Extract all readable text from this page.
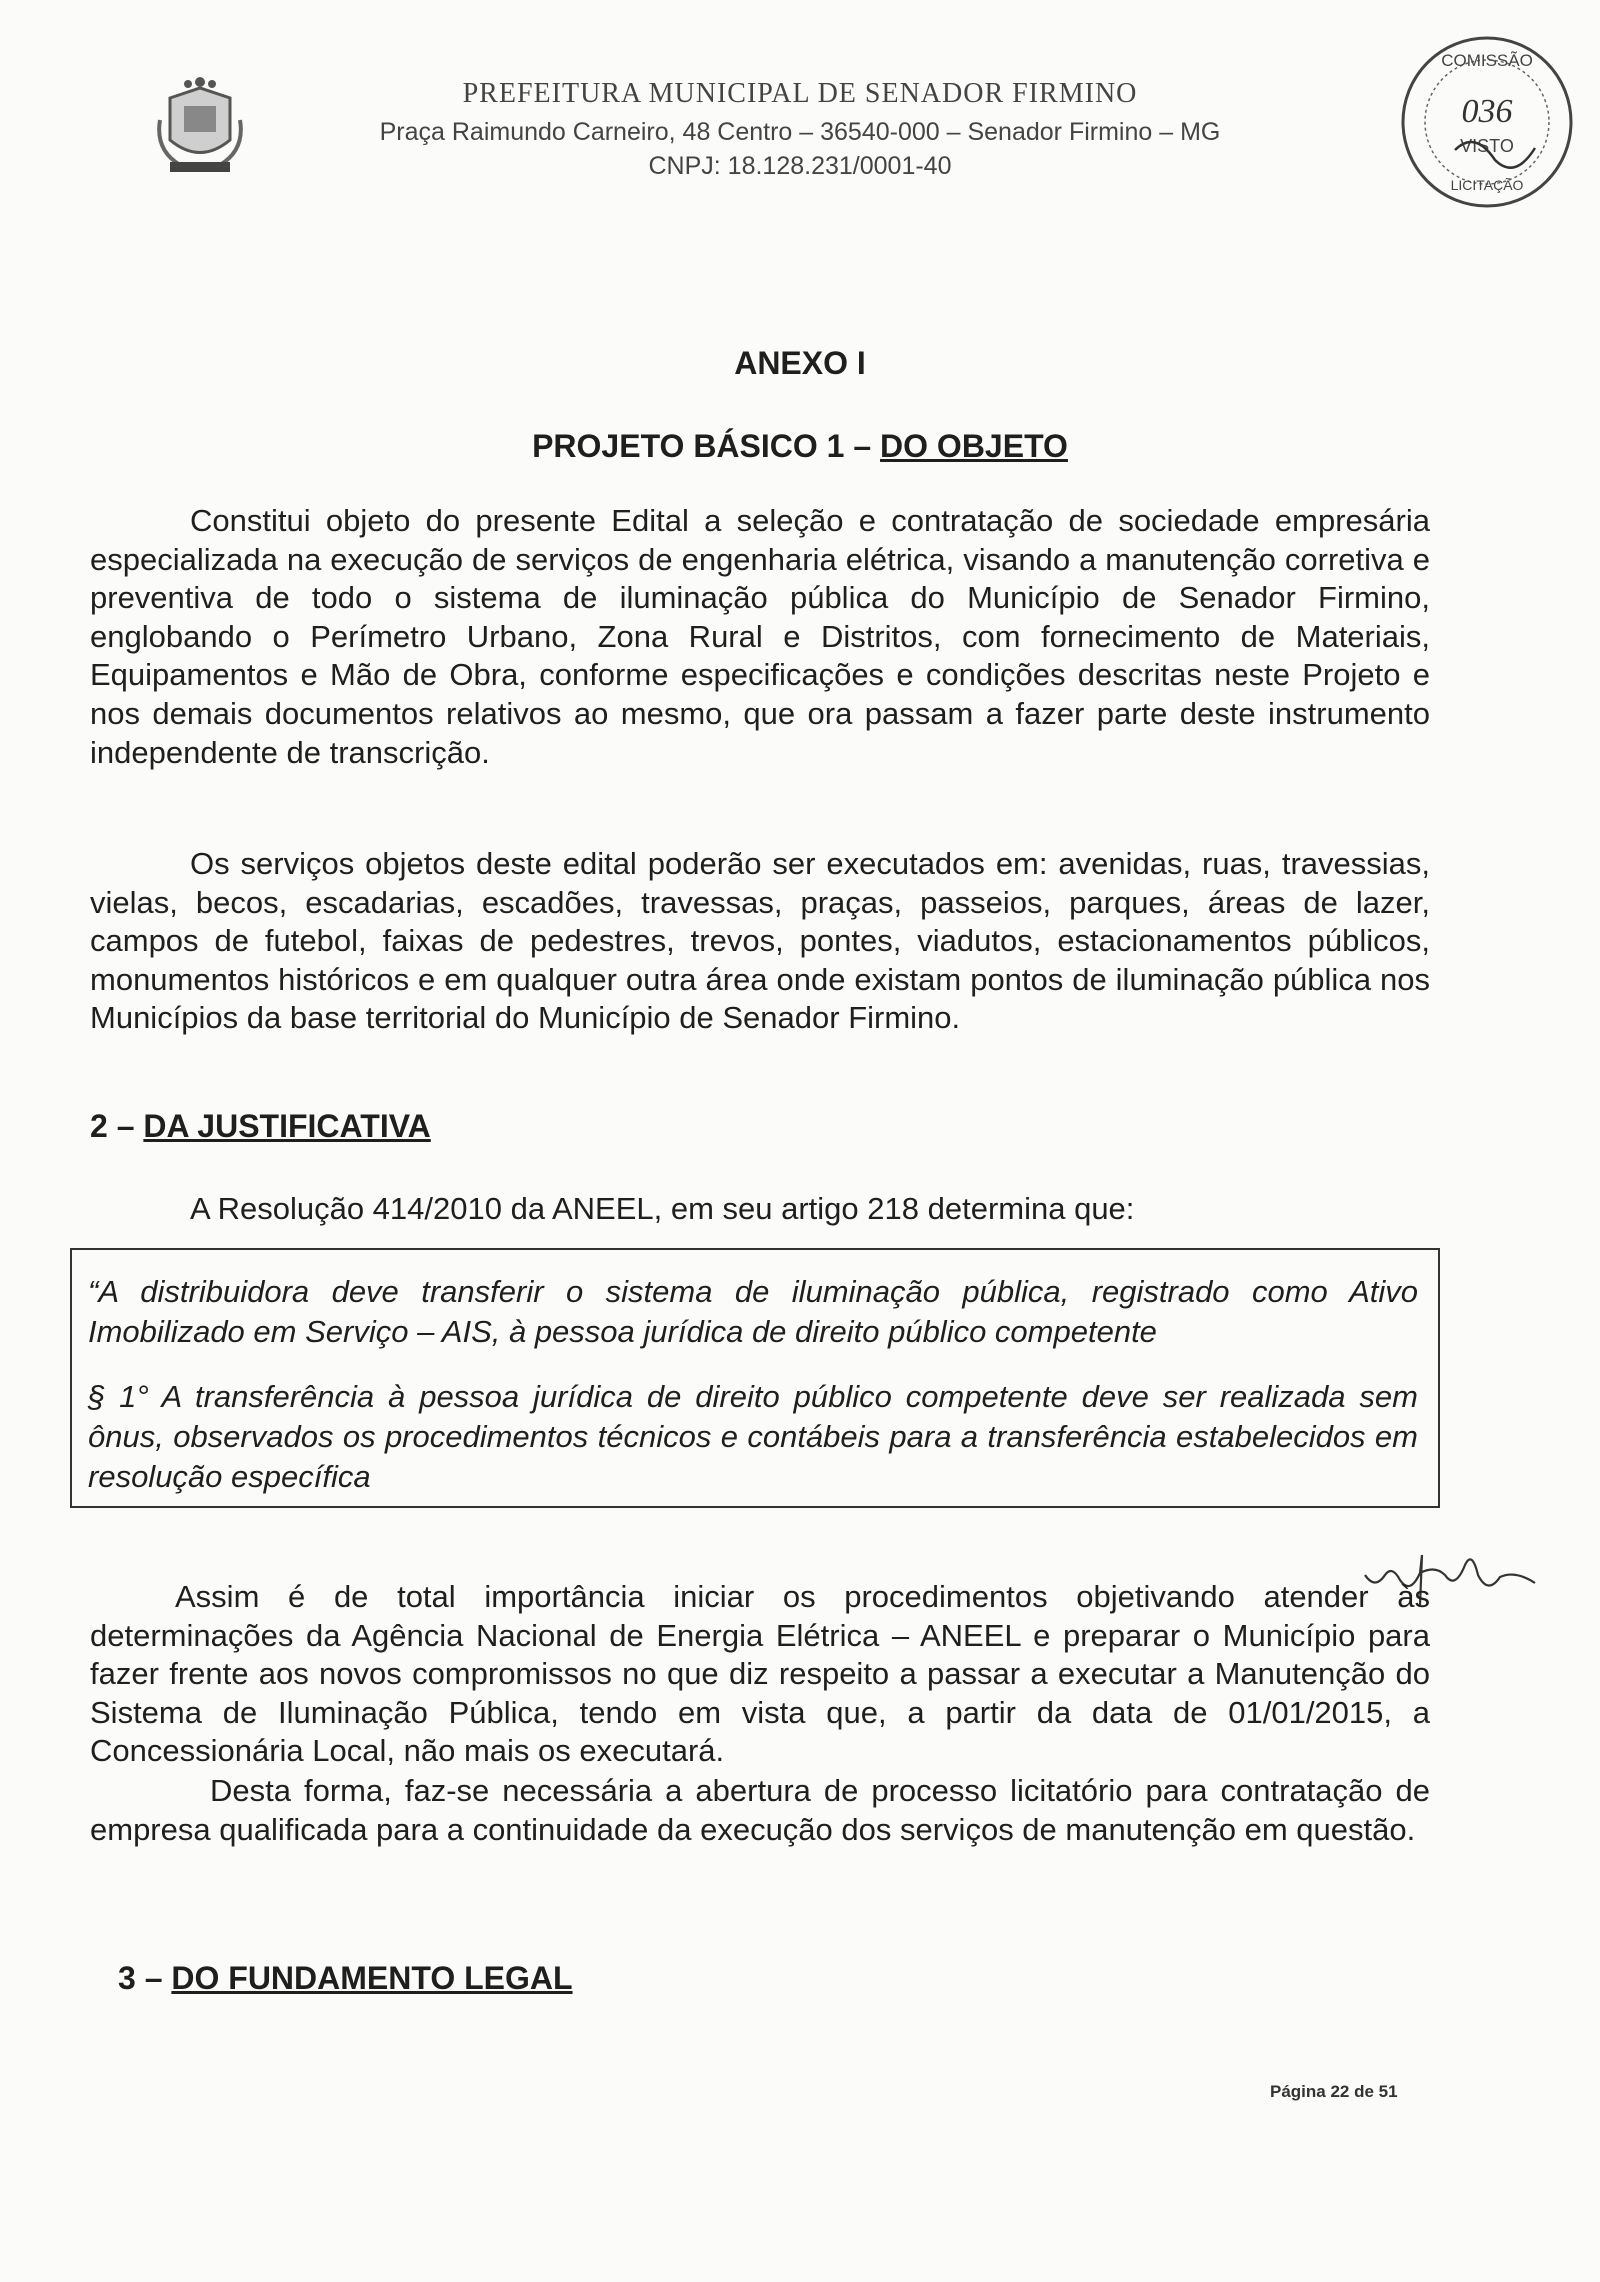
PREFEITURA MUNICIPAL DE SENADOR FIRMINO
Praça Raimundo Carneiro, 48 Centro – 36540-000 – Senador Firmino – MG
CNPJ: 18.128.231/0001-40
COMISSÃO
036
VISTO
LICITAÇÃO
ANEXO I
PROJETO BÁSICO 1 – DO OBJETO
Constitui objeto do presente Edital a seleção e contratação de sociedade empresária especializada na execução de serviços de engenharia elétrica, visando a manutenção corretiva e preventiva de todo o sistema de iluminação pública do Município de Senador Firmino, englobando o Perímetro Urbano, Zona Rural e Distritos, com fornecimento de Materiais, Equipamentos e Mão de Obra, conforme especificações e condições descritas neste Projeto e nos demais documentos relativos ao mesmo, que ora passam a fazer parte deste instrumento independente de transcrição.
Os serviços objetos deste edital poderão ser executados em: avenidas, ruas, travessias, vielas, becos, escadarias, escadões, travessas, praças, passeios, parques, áreas de lazer, campos de futebol, faixas de pedestres, trevos, pontes, viadutos, estacionamentos públicos, monumentos históricos e em qualquer outra área onde existam pontos de iluminação pública nos Municípios da base territorial do Município de Senador Firmino.
2 – DA JUSTIFICATIVA
A Resolução 414/2010 da ANEEL, em seu artigo 218 determina que:

“A distribuidora deve transferir o sistema de iluminação pública, registrado como Ativo Imobilizado em Serviço – AIS, à pessoa jurídica de direito público competente

§ 1° A transferência à pessoa jurídica de direito público competente deve ser realizada sem ônus, observados os procedimentos técnicos e contábeis para a transferência estabelecidos em resolução específica

Assim é de total importância iniciar os procedimentos objetivando atender às determinações da Agência Nacional de Energia Elétrica – ANEEL e preparar o Município para fazer frente aos novos compromissos no que diz respeito a passar a executar a Manutenção do Sistema de Iluminação Pública, tendo em vista que, a partir da data de 01/01/2015, a Concessionária Local, não mais os executará.
Desta forma, faz-se necessária a abertura de processo licitatório para contratação de empresa qualificada para a continuidade da execução dos serviços de manutenção em questão.
3 – DO FUNDAMENTO LEGAL
Página 22 de 51
